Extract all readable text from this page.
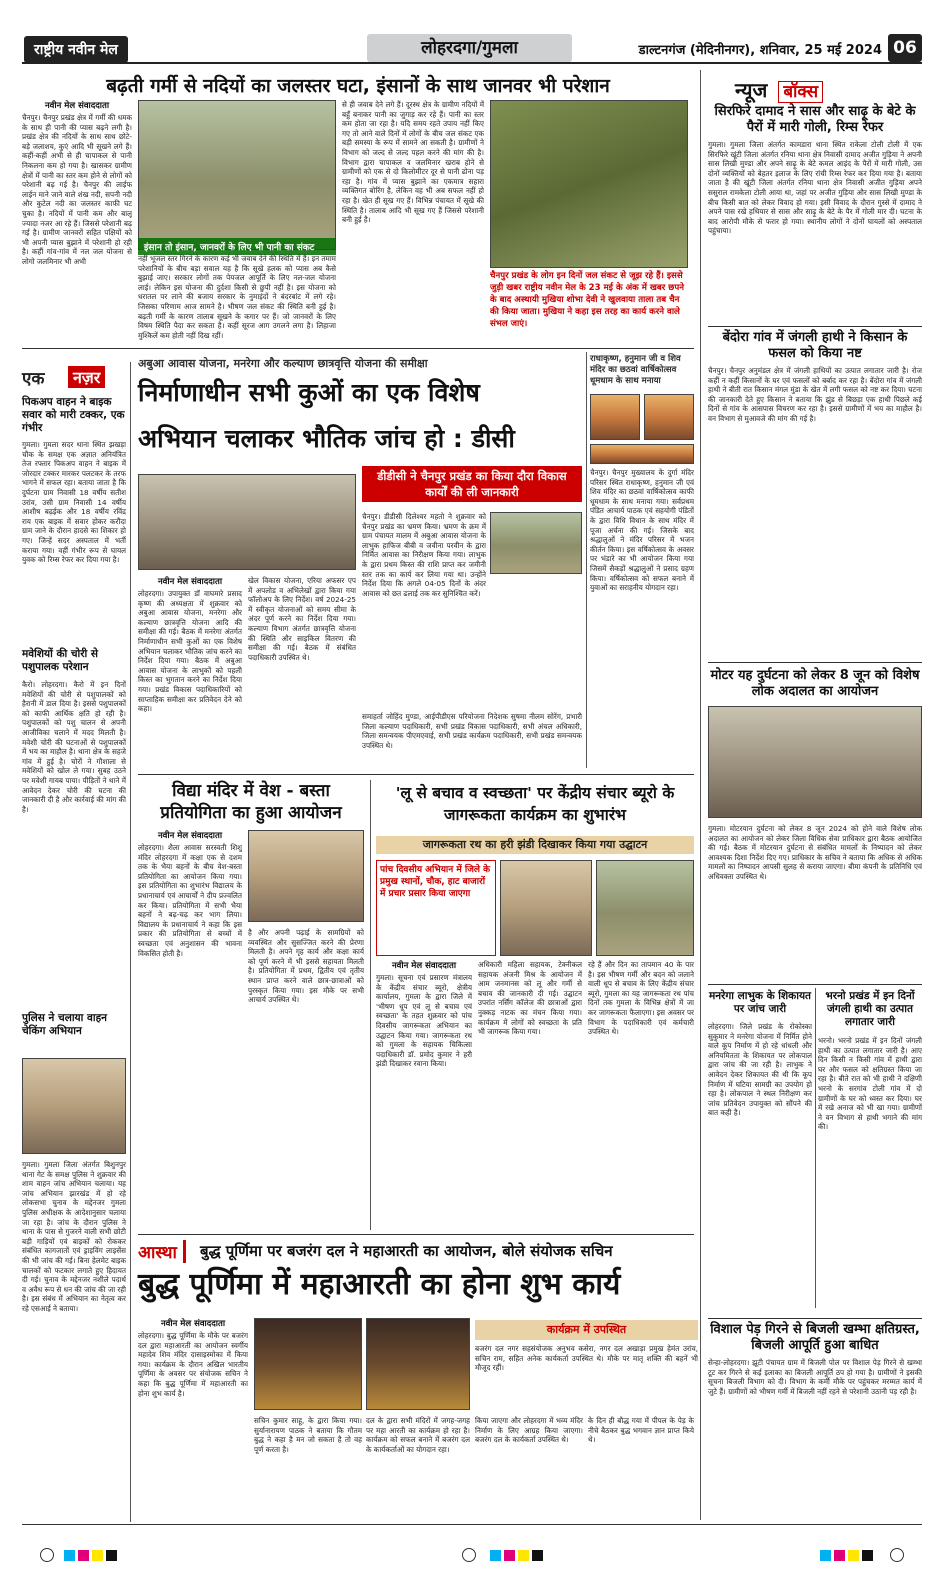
राष्ट्रीय नवीन मेल	लोहरदगा/गुमला	डाल्टनगंज (मेदिनीनगर), शनिवार, 25 मई 2024 06
बढ़ती गर्मी से नदियों का जलस्तर घटा, इंसानों के साथ जानवर भी परेशान
इंसान तो इंसान, जानवरों के लिए भी पानी का संकट
नवीन मेल संवाददाता
चैनपुर। चैनपुर प्रखंड क्षेत्र में गर्मी की धमक के साथ ही पानी की प्यास बढ़ने लगी है। प्रखंड क्षेत्र की नदियों के साथ साथ छोटे-बड़े जलाशय, कुएं आदि भी सूखने लगे हैं। कहीं-कहीं अभी से ही चापाकल से पानी निकलना कम हो गया है। खासकर ग्रामीण क्षेत्रों में पानी का स्तर कम होने से लोगों को परेशानी बढ़ गई है। चैनपुर की लाईफ लाईन माने जाने वाले शंख नदी, सपनी नदी और कुटेल नदी का जलस्तर काफी घट चुका है। नदियों में पानी कम और बालू ज्यादा नजर आ रहे हैं। जिससे परेशानी बढ़ गई है। ग्रामीण जानवरों सहित पक्षियों को भी अपनी प्यास बुझाने में परेशानी हो रही है। कहीं गांव-गांव में नल जल योजना से लोगो जलमिनार भी अभी	नहीं भूजल स्तर गिरने के कारण कई भी जवाब देने की स्थिति में हैं। इन तमाम परेशानियों के बीच बड़ा सवाल यह है कि सूखे हलक को प्यास अब कैसे बुझाई जाए। सरकार लोगों तक पेयजल आपूर्ति के लिए नल-जल योजना लाई। लेकिन इस योजना की दुर्दशा किसी से छुपी नहीं है। इस योजना को धरातल पर लाने की बजाय सरकार के नुमाइंदों ने बंदरबांट में लगे रहे। जिसका परिणाम आज सामने है। भीषण जल संकट की स्थिति बनी हुई है। बढ़ती गर्मी के कारण तालाब सूखने के कगार पर हैं। जो जानवरों के लिए विषम स्थिति पैदा कर सकता है। कहीं सूरज आग उगलने लगा है। लिहाजा मुश्किलें कम होती नहीं दिख रहीं।
से ही जवाब देने लगे हैं। दूरस्थ क्षेत्र के ग्रामीण नदियों में बहुँ बनाकर पानी का जुगाड़ कर रहे हैं। पानी का स्तर कम होता जा रहा है। यदि समय रहते उपाय नहीं किए गए तो आने वाले दिनों में लोगों के बीच जल संकट एक बड़ी समस्या के रूप में सामने आ सकती है। ग्रामीणों ने विभाग को जल्द से जल्द पहल करने की मांग की है। विभाग द्वारा चापाकल व जलमिनार खराब होने से ग्रामीणों को एक से दो किलोमीटर दूर से पानी ढोना पड़ रहा है। गांव में प्यास बुझाने का एकमात्र सहारा व्यक्तिगत बोरिंग है, लेकिन वह भी अब सफल नहीं हो रहा है। खेत ही सूख गए हैं। विभिन्न पंचायत में सूखे की स्थिति है। तालाब आदि भी सूख गए हैं जिससे परेशानी बनी हुई है।
चैनपुर प्रखंड के लोग इन दिनों जल संकट से जूझ रहे हैं। इससे जुड़ी खबर राष्ट्रीय नवीन मेल के 23 मई के अंक में खबर छपने के बाद अस्थायी मुखिया शोभा देवी ने खुलवाया ताला तब चैन की किया जाता। मुखिया ने कहा इस तरह का कार्य करने वाले संभल जाएं।
एक	नज़र
पिकअप वाहन ने बाइक सवार को मारी टक्कर, एक गंभीर
गुमला। गुमला सदर थाना स्थित झखड़ा चौक के समक्ष एक अज्ञात अनियंत्रित तेज रफ्तार पिकअप वाहन ने बाइक में जोरदार टक्कर मारकर पलटकर के तरफ भागने में सफल रहा। बताया जाता है कि दुर्घटना ग्राम निवासी 18 वर्षीय सतीश उरांव, उसी ग्राम निवासी 14 वर्षीय आशीष बढ़ईक और 18 वर्षीय रविंद्र राय एक बाइक में सवार होकर करौंदा ग्राम जाने के दौरान हादसे का शिकार हो गए। जिन्हें सदर अस्पताल में भर्ती कराया गया। वहीं गंभीर रूप से घायल युवक को रिम्स रेफर कर दिया गया है।
मवेशियों की चोरी से पशुपालक परेशान
कैरो। लोहरदगा। कैरो में इन दिनों मवेशियों की चोरी से पशुपालकों को हैरानी में डाल दिया है। इससे पशुपालकों को काफी आर्थिक क्षति हो रही है। पशुपालकों को पशु चालन से अपनी आजीविका चलाने में मदद मिलती है। मवेशी चोरी की घटनाओं से पशुपालकों में भय का माहौल है। थाना क्षेत्र के सहजे गांव में हुई है। चोरों ने गौशाला से मवेशियों को खोल ले गया। सुबह उठने पर मवेशी गायब पाया। पीड़ितों ने थाने में आवेदन देकर चोरी की घटना की जानकारी दी है और कार्रवाई की मांग की है।
पुलिस ने चलाया वाहन चेकिंग अभियान
गुमला। गुमला जिला अंतर्गत बिशुनपुर थाना गेट के समक्ष पुलिस ने शुक्रवार की शाम वाहन जांच अभियान चलाया। यह जांच अभियान झारखंड में हो रहे लोकसभा चुनाव के मद्देनजर गुमला पुलिस अधीक्षक के आदेशानुसार चलाया जा रहा है। जांच के दौरान पुलिस ने थाना के पास से गुजरने वाली सभी छोटी बड़ी गाड़ियों एवं बाइकों को रोककर संबंधित कागजातों एवं ड्राइविंग लाइसेंस की भी जांच की गई। बिना हेलमेट बाइक चालकों को फटकार लगाते हुए हिदायत दी गई। चुनाव के मद्देनजर नशीले पदार्थ व अवैध रूप से धन की जांच की जा रही है। इस संबंध में अभियान का नेतृत्व कर रहे एसआई ने बताया।
न्यूज बॉक्स
सिरफिरे दामाद ने सास और साढ़ू के बेटे के पैरों में मारी गोली, रिम्स रेफर
गुमला। गुमला जिला अंतर्गत कामडारा थाना स्थित राकेला टोली टोली में एक सिरफिरे खूंटी जिला अंतर्गत रनिया थाना क्षेत्र निवासी दामाद अजीत गुड़िया ने अपनी सास लिखी मुण्डा और अपने साढ़ू के बेटे कमल आइंद के पैरों में मारी गोली, उस दोनों व्यक्तियों को बेहतर इलाज के लिए रांची रिम्स रेफर कर दिया गया है। बताया जाता है की खूंटी जिला अंतर्गत रनिया थाना क्षेत्र निवासी अजीत गुड़िया अपने ससुराल रामकेला टोली आया था, जहां पर अजीत गुड़िया और सास लिखी मुण्डा के बीच किसी बात को लेकर विवाद हो गया। इसी विवाद के दौरान गुस्से में दामाद ने अपने पास रखे हथियार से सास और साढ़ू के बेटे के पैर में गोली मार दी। घटना के बाद आरोपी मौके से फरार हो गया। स्थानीय लोगों ने दोनों घायलों को अस्पताल पहुंचाया।
बेंदोरा गांव में जंगली हाथी ने किसान के फसल को किया नष्ट
चैनपुर। चैनपुर अनुमंडल क्षेत्र में जंगली हाथियों का उत्पात लगातार जारी है। रोज कहीं न कहीं किसानों के घर एवं फसलों को बर्बाद कर रहा है। बेंदोरा गांव में जंगली हाथी ने बीती रात किसान मंगल मुंडा के खेत में लगी फसल को नष्ट कर दिया। घटना की जानकारी देते हुए किसान ने बताया कि झुंड से बिछड़ा एक हाथी पिछले कई दिनों से गांव के आसपास विचरण कर रहा है। इससे ग्रामीणों में भय का माहौल है। वन विभाग से मुआवजे की मांग की गई है।
मोटर यह दुर्घटना को लेकर 8 जून को विशेष लोक अदालत का आयोजन
गुमला। मोटरयान दुर्घटना को लेकर 8 जून 2024 को होने वाले विशेष लोक अदालत का आयोजन को लेकर जिला विधिक सेवा प्राधिकार द्वारा बैठक आयोजित की गई। बैठक में मोटरयान दुर्घटना से संबंधित मामलों के निष्पादन को लेकर आवश्यक दिशा निर्देश दिए गए। प्राधिकार के सचिव ने बताया कि अधिक से अधिक मामलों का निष्पादन आपसी सुलह से कराया जाएगा। बीमा कंपनी के प्रतिनिधि एवं अधिवक्ता उपस्थित थे।
मनरेगा लाभुक के शिकायत पर जांच जारी
लोहरदगा। जिले प्रखंड के रोकोस्का सुकुमार ने मनरेगा योजना में निर्मित होने वाले कूप निर्माण में हो रहे धांधली और अनियमितता के शिकायत पर लोकपाल द्वारा जांच की जा रही है। लाभुक ने आवेदन देकर शिकायत की थी कि कूप निर्माण में घटिया सामग्री का उपयोग हो रहा है। लोकपाल ने स्थल निरीक्षण कर जांच प्रतिवेदन उपायुक्त को सौंपने की बात कही है।
भरनो प्रखंड में इन दिनों जंगली हाथी का उत्पात लगातार जारी
भरनो। भरनो प्रखंड में इन दिनों जंगली हाथी का उत्पात लगातार जारी है। आए दिन किसी न किसी गांव में हाथी द्वारा घर और फसल को क्षतिग्रस्त किया जा रहा है। बीते रात को भी हाथी ने दक्षिणी भरनो के सरगांव टोली गांव में दो ग्रामीणों के घर को ध्वस्त कर दिया। घर में रखे अनाज को भी खा गया। ग्रामीणों ने वन विभाग से हाथी भगाने की मांग की।
विशाल पेड़ गिरने से बिजली खम्भा क्षतिग्रस्त, बिजली आपूर्ति हुआ बाधित
सेन्हा-लोहरदगा। झूटी पंचायत ग्राम में बिजली पोल पर विशाल पेड़ गिरने से खम्भा टूट कर गिरने से कई इलाका का बिजली आपूर्ति ठप हो गया है। ग्रामीणों ने इसकी सूचना बिजली विभाग को दी। विभाग के कर्मी मौके पर पहुंचकर मरम्मत कार्य में जुटे हैं। ग्रामीणों को भीषण गर्मी में बिजली नहीं रहने से परेशानी उठानी पड़ रही है।
अबुआ आवास योजना, मनरेगा और कल्याण छात्रवृत्ति योजना की समीक्षा
निर्माणाधीन सभी कुओं का एक विशेष
अभियान चलाकर भौतिक जांच हो : डीसी
डीडीसी ने चैनपुर प्रखंड का किया दौरा विकास कार्यों की ली जानकारी
नवीन मेल संवाददाता
लोहरदगा। उपायुक्त डॉ वाघमारे प्रसाद कृष्ण की अध्यक्षता में शुक्रवार को अबुआ आवास योजना, मनरेगा और कल्याण छात्रवृत्ति योजना आदि की समीक्षा की गई। बैठक में मनरेगा अंतर्गत निर्माणाधीन सभी कुओं का एक विशेष अभियान चलाकर भौतिक जांच करने का निर्देश दिया गया। बैठक में अबुआ आवास योजना के लाभुकों को पहली किस्त का भुगतान करने का निर्देश दिया गया। प्रखंड विकास पदाधिकारियों को साप्ताहिक समीक्षा कर प्रतिवेदन देने को कहा।
खेल विकास योजना, एरिया अफसर एप में अपलोड व अभिलेखों द्वारा किया गया फॉलोअप के लिए निर्देश। वर्ष 2024-25 में स्वीकृत योजनाओं को समय सीमा के अंदर पूर्ण करने का निर्देश दिया गया। कल्याण विभाग अंतर्गत छात्रवृत्ति योजना की स्थिति और साइकिल वितरण की समीक्षा की गई। बैठक में संबंधित पदाधिकारी उपस्थित थे।
चैनपुर। डीडीसी दिलेश्वर महतो ने शुक्रवार को चैनपुर प्रखंड का भ्रमण किया। भ्रमण के क्रम में ग्राम पंचायत मालम में अबुआ आवास योजना के लाभुक हाफिज बीबी व जवीना परवीन के द्वारा निर्मित आवास का निरीक्षण किया गया। लाभुक के द्वारा प्रथम किस्त की राशि प्राप्त कर जमीनी स्तर तक का कार्य कर लिया गया था। उन्होंने निर्देश दिया कि अगले 04-05 दिनों के अंदर आवास को छत ढलाई तक कर सुनिश्चित करें।
समाहर्ता जोहिंद मुण्डा, आईपीडीएस परियोजना निदेशक सुषमा नीलम सोरेंग, प्रभारी जिला कल्याण पदाधिकारी, सभी प्रखंड विकास पदाधिकारी, सभी अंचल अधिकारी, जिला समन्वयक पीएमएवाई, सभी प्रखंड कार्यक्रम पदाधिकारी, सभी प्रखंड समन्वयक उपस्थित थे।
राधाकृष्ण, हनुमान जी व शिव मंदिर का छठवां वार्षिकोत्सव धूमधाम के साथ मनाया
चैनपुर। चैनपुर मुख्यालय के दुर्गा मंदिर परिसर स्थित राधाकृष्ण, हनुमान जी एवं शिव मंदिर का छठवां वार्षिकोत्सव काफी धूमधाम के साथ मनाया गया। सर्वप्रथम पंडित आचार्य पाठक एवं सहयोगी पंडितों के द्वारा विधि विधान के साथ मंदिर में पूजा अर्चना की गई। जिसके बाद श्रद्धालुओं ने मंदिर परिसर में भजन कीर्तन किया। इस वर्षिकोत्सव के अवसर पर भंडारे का भी आयोजन किया गया जिसमें सैकड़ों श्रद्धालुओं ने प्रसाद ग्रहण किया। वर्षिकोत्सव को सफल बनाने में युवाओं का सराहनीय योगदान रहा।
विद्या मंदिर में वेश - बस्ता प्रतियोगिता का हुआ आयोजन
नवीन मेल संवाददाता
लोहरदगा। शैला आवास सरस्वती शिशु मंदिर लोहरदगा में कक्षा एक से दशम तक के भैया बहनों के बीच वेश-बस्ता प्रतियोगिता का आयोजन किया गया। इस प्रतियोगिता का शुभारंभ विद्यालय के प्रधानाचार्य एवं आचार्यों ने दीप प्रज्वलित कर किया। प्रतियोगिता में सभी भैया बहनों ने बढ़-चढ़ कर भाग लिया। विद्यालय के प्रधानाचार्य ने कहा कि इस प्रकार की प्रतियोगिता से बच्चों में स्वच्छता एवं अनुशासन की भावना विकसित होती है।
है और अपनी पढ़ाई के सामग्रियों को व्यवस्थित और सुसज्जित करने की प्रेरणा मिलती है। अपने गृह कार्य और कक्षा कार्य को पूर्ण करने में भी इससे सहायता मिलती है। प्रतियोगिता में प्रथम, द्वितीय एवं तृतीय स्थान प्राप्त करने वाले छात्र-छात्राओं को पुरस्कृत किया गया। इस मौके पर सभी आचार्य उपस्थित थे।
'लू से बचाव व स्वच्छता' पर केंद्रीय संचार ब्यूरो के जागरूकता कार्यक्रम का शुभारंभ
जागरूकता रथ का हरी झंडी दिखाकर किया गया उद्घाटन
पांच दिवसीय अभियान में जिले के प्रमुख स्थानों, चौक, हाट बाजारों में प्रचार प्रसार किया जाएगा
नवीन मेल संवाददाता
गुमला। सूचना एवं प्रसारण मंत्रालय के केंद्रीय संचार ब्यूरो, क्षेत्रीय कार्यालय, गुमला के द्वारा जिले में 'भीषण धूप एवं लू से बचाव एवं स्वच्छता' के तहत शुक्रवार को पांच दिवसीय जागरूकता अभियान का उद्घाटन किया गया। जागरूकता रथ को गुमला के सहायक चिकित्सा पदाधिकारी डॉ. प्रमोद कुमार ने हरी झंडी दिखाकर रवाना किया।
अधिकारी महिला सहायक, टेक्नीकल सहायक अंजनी मिश्र के आयोजन में आम जनमानस को लू और गर्मी से बचाव की जानकारी दी गई। उद्घाटन उपरांत नर्सिंग कॉलेज की छात्राओं द्वारा नुक्कड़ नाटक का मंचन किया गया। कार्यक्रम में लोगों को स्वच्छता के प्रति भी जागरूक किया गया।
रहे हैं और दिन का तापमान 40 के पार है। इस भीषण गर्मी और बदन को जलाने वाली धूप से बचाव के लिए केंद्रीय संचार ब्यूरो, गुमला का यह जागरूकता रथ पांच दिनों तक गुमला के विभिन्न क्षेत्रों में जा कर जागरूकता फैलाएगा। इस अवसर पर विभाग के पदाधिकारी एवं कर्मचारी उपस्थित थे।
आस्था	बुद्ध पूर्णिमा पर बजरंग दल ने महाआरती का आयोजन, बोले संयोजक सचिन
बुद्ध पूर्णिमा में महाआरती का होना शुभ कार्य
नवीन मेल संवाददाता
लोहरदगा। बुद्ध पूर्णिमा के मौके पर बजरंग दल द्वारा महाआरती का आयोजन स्वर्गीय महादेव शिव मंदिर दासाइस्मोका में किया गया। कार्यक्रम के दौरान अखिल भारतीय पूर्णिमा के अवसर पर संयोजक सचिन ने कहा कि बुद्ध पूर्णिमा में महाआरती का होना शुभ कार्य है।
कार्यक्रम में उपस्थित
बजरंग दल नगर सहसंयोजक अनुभव कसेरा, नगर दल अखाड़ा प्रमुख हेमंत उरांव, सचिन राम, सहित अनेक कार्यकर्ता उपस्थित थे। मौके पर मातृ शक्ति की बहनें भी मौजूद रहीं।
सचिन कुमार साहू, के द्वारा किया गया। सुर्यानारायण पाठक ने बताया कि गौतम बुद्ध ने कहा है मन जो सकता है तो वह पूर्ण करता है।
दल के द्वारा सभी मंदिरों में जगह-जगह पर महा आरती का कार्यक्रम हो रहा है। कार्यक्रम को सफल बनाने में बजरंग दल के कार्यकर्ताओं का योगदान रहा।
किया जाएगा और लोहरदगा में भव्य मंदिर निर्माण के लिए आग्रह किया जाएगा। बजरंग दल के कार्यकर्ता उपस्थित थे।
के दिन ही बौद्ध गया में पीपल के पेड़ के नीचे बैठकर बुद्ध भगवान ज्ञान प्राप्त किये थे।
